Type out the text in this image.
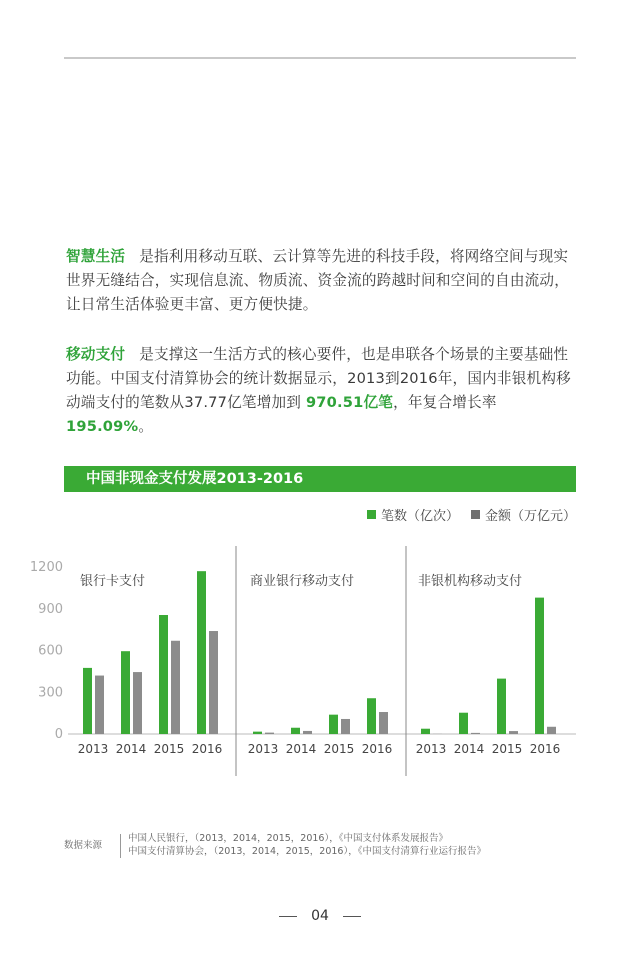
智慧生活 是指利用移动互联、云计算等先进的科技手段，将网络空间与现实世界无缝结合，实现信息流、物质流、资金流的跨越时间和空间的自由流动，让日常生活体验更丰富、更方便快捷。
移动支付 是支撑这一生活方式的核心要件，也是串联各个场景的主要基础性功能。中国支付清算协会的统计数据显示，2013到2016年，国内非银机构移动端支付的笔数从37.77亿笔增加到 970.51亿笔，年复合增长率 195.09%。
中国非现金支付发展2013-2016
笔数（亿次） 金额（万亿元）
0
300
600
900
1200
银行卡支付
2013 2014 2015 2016
商业银行移动支付
2013 2014 2015 2016
非银机构移动支付
2013 2014 2015 2016
数据来源
中国人民银行，（2013，2014，2015，2016），《中国支付体系发展报告》
中国支付清算协会，（2013，2014，2015，2016），《中国支付清算行业运行报告》
04
